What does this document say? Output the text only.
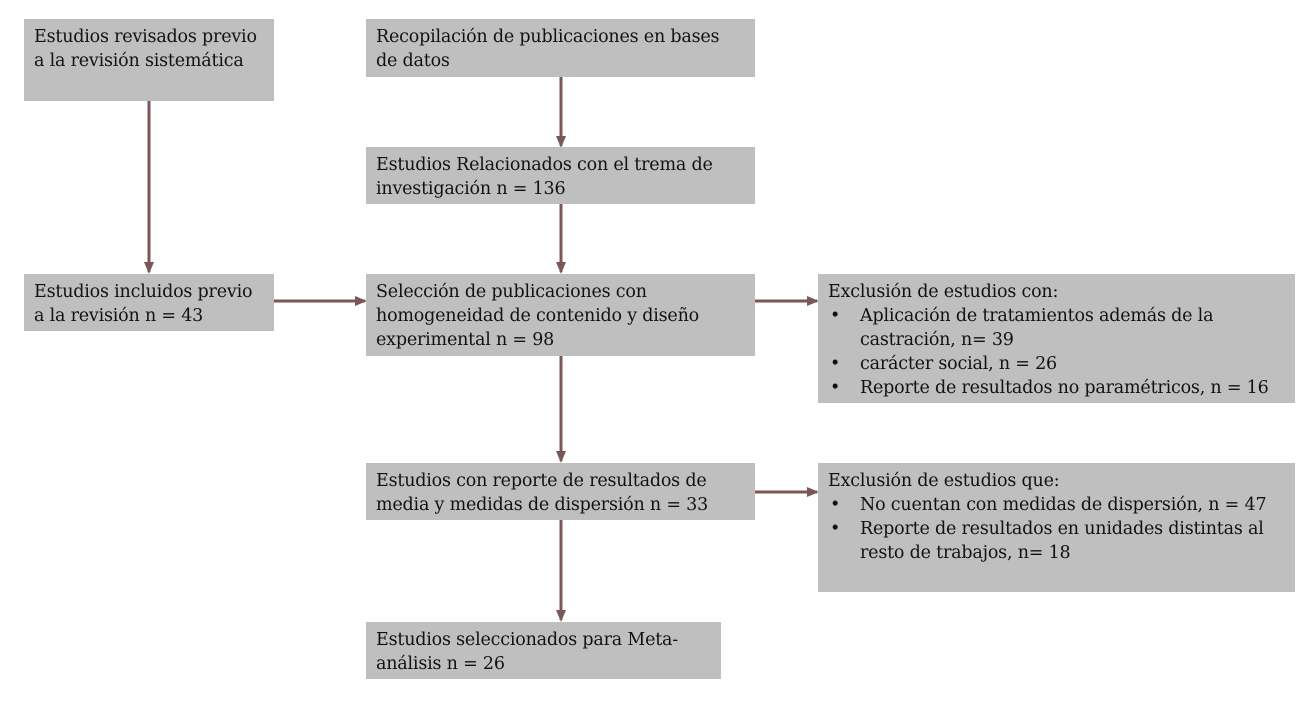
Estudios revisados previo a la revisión sistemática

Recopilación de publicaciones en bases de datos

Estudios Relacionados con el trema de investigación n = 136

Estudios incluidos previo a la revisión n = 43

Selección de publicaciones con homogeneidad de contenido y diseño experimental n = 98

Exclusión de estudios con:

• Aplicación de tratamientos además de la castración, n= 39
• carácter social, n = 26
• Reporte de resultados no paramétricos, n = 16

Estudios con reporte de resultados de media y medidas de dispersión n = 33

Exclusión de estudios que:

• No cuentan con medidas de dispersión, n = 47
• Reporte de resultados en unidades distintas al resto de trabajos, n= 18

Estudios seleccionados para Meta-análisis n = 26
